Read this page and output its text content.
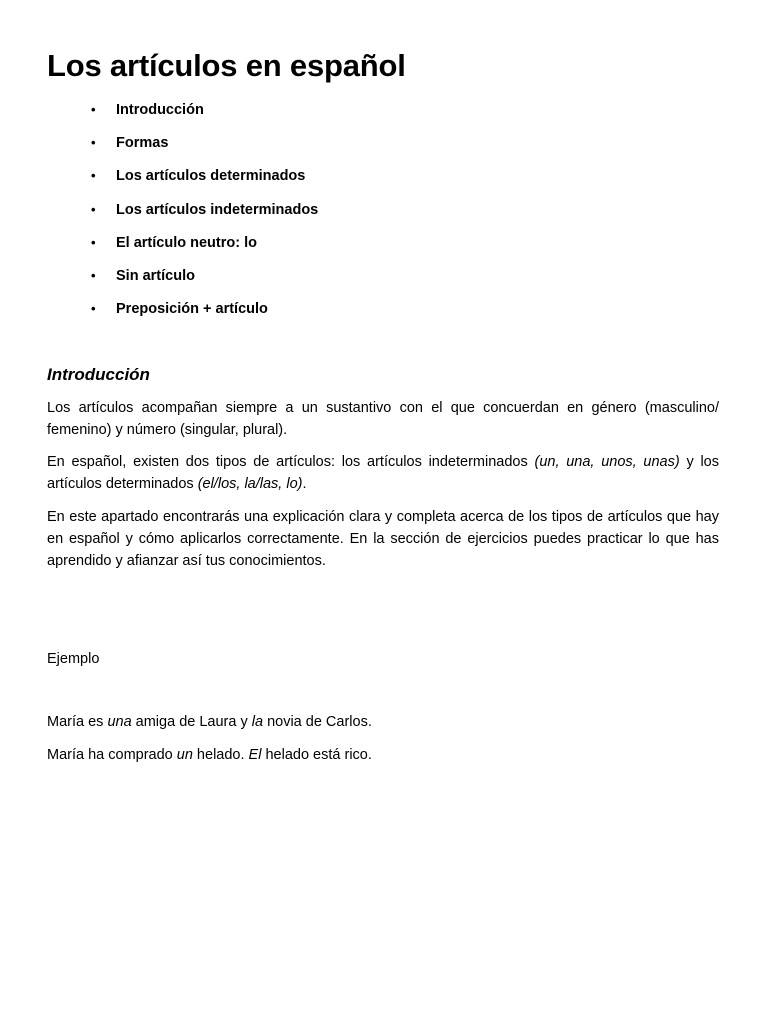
Los artículos en español
• Introducción
• Formas
• Los artículos determinados
• Los artículos indeterminados
• El artículo neutro: lo
• Sin artículo
• Preposición + artículo
Introducción

Los artículos acompañan siempre a un sustantivo con el que concuerdan en género (masculino/ femenino) y número (singular, plural).

En español, existen dos tipos de artículos: los artículos indeterminados (un, una, unos, unas) y los artículos determinados (el/los, la/las, lo).

En este apartado encontrarás una explicación clara y completa acerca de los tipos de artículos que hay en español y cómo aplicarlos correctamente. En la sección de ejercicios puedes practicar lo que has aprendido y afianzar así tus conocimientos.

Ejemplo

María es una amiga de Laura y la novia de Carlos.

María ha comprado un helado. El helado está rico.
